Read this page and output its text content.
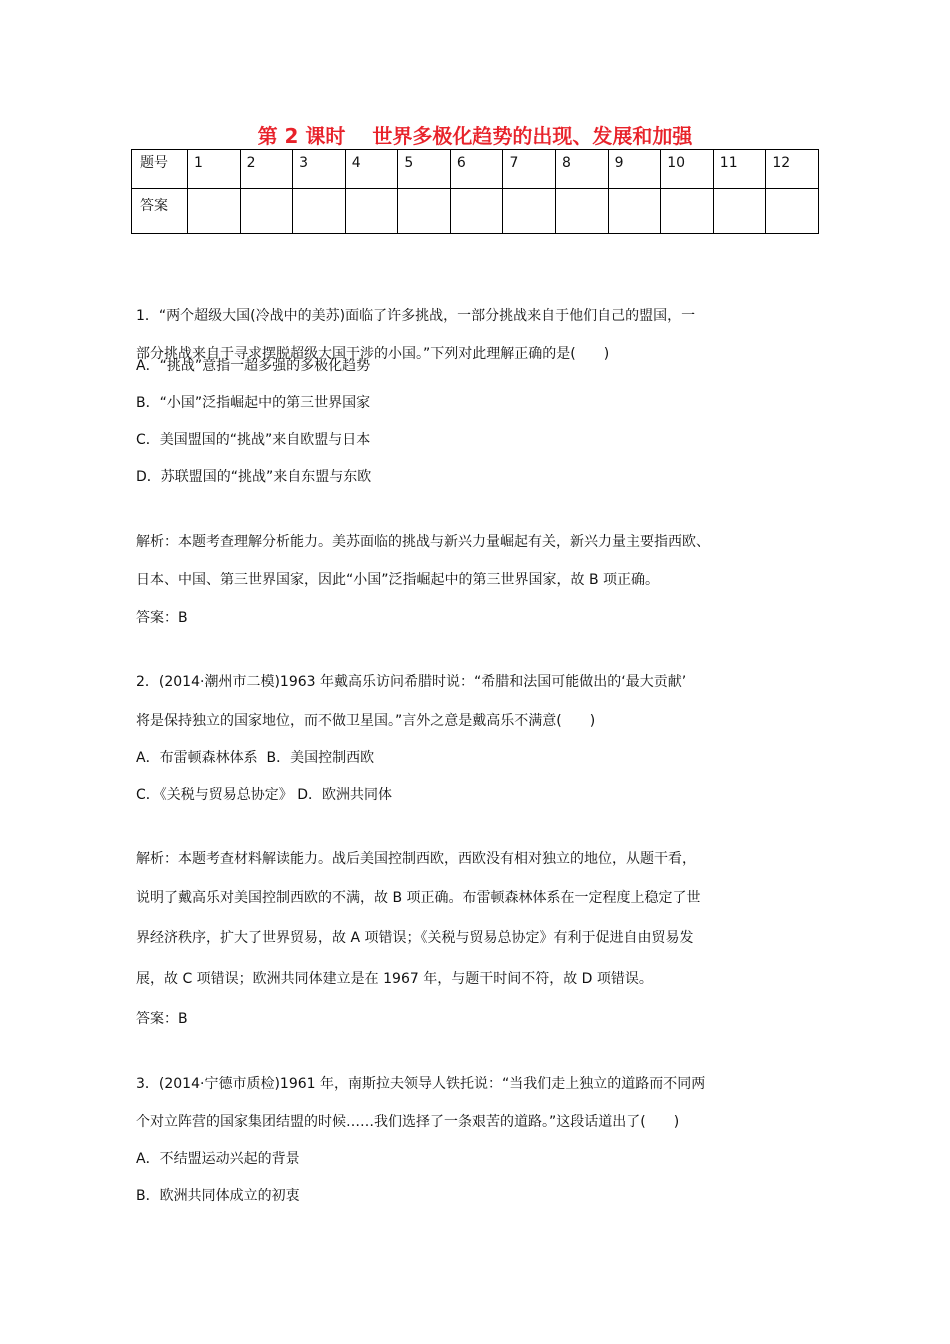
第 2 课时　 世界多极化趋势的出现、发展和加强
题号	1	2	3	4	5	6	7	8	9	10	11	12
答案												
1．“两个超级大国(冷战中的美苏)面临了许多挑战，一部分挑战来自于他们自己的盟国，一
部分挑战来自于寻求摆脱超级大国干涉的小国。”下列对此理解正确的是(　　)
A．“挑战”意指一超多强的多极化趋势
B．“小国”泛指崛起中的第三世界国家
C．美国盟国的“挑战”来自欧盟与日本
D．苏联盟国的“挑战”来自东盟与东欧
解析：本题考查理解分析能力。美苏面临的挑战与新兴力量崛起有关，新兴力量主要指西欧、
日本、中国、第三世界国家，因此“小国”泛指崛起中的第三世界国家，故 B 项正确。
答案：B
2．(2014·潮州市二模)1963 年戴高乐访问希腊时说：“希腊和法国可能做出的‘最大贡献’
将是保持独立的国家地位，而不做卫星国。”言外之意是戴高乐不满意(　　)
A．布雷顿森林体系  B．美国控制西欧
C．《关税与贸易总协定》 D．欧洲共同体
解析：本题考查材料解读能力。战后美国控制西欧，西欧没有相对独立的地位，从题干看，
说明了戴高乐对美国控制西欧的不满，故 B 项正确。布雷顿森林体系在一定程度上稳定了世
界经济秩序，扩大了世界贸易，故 A 项错误；《关税与贸易总协定》有利于促进自由贸易发
展，故 C 项错误；欧洲共同体建立是在 1967 年，与题干时间不符，故 D 项错误。
答案：B
3．(2014·宁德市质检)1961 年，南斯拉夫领导人铁托说：“当我们走上独立的道路而不同两
个对立阵营的国家集团结盟的时候……我们选择了一条艰苦的道路。”这段话道出了(　　)
A．不结盟运动兴起的背景
B．欧洲共同体成立的初衷
